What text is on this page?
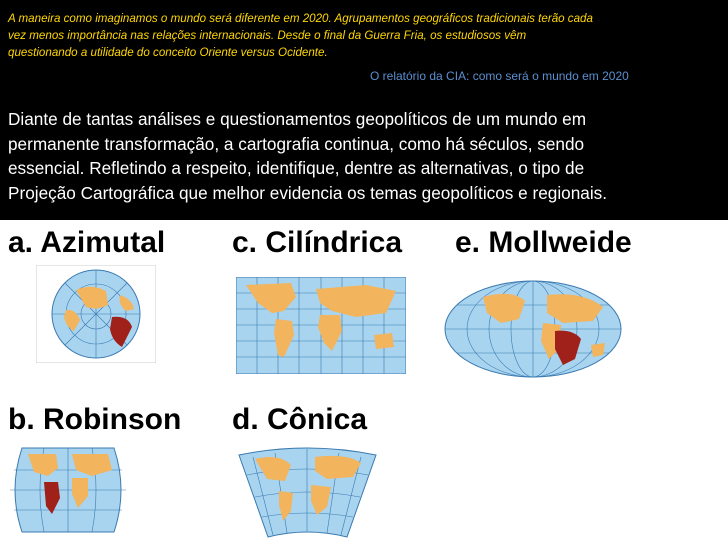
A maneira como imaginamos o mundo será diferente em 2020. Agrupamentos geográficos tradicionais terão cada
vez menos importância nas relações internacionais. Desde o final da Guerra Fria, os estudiosos vêm
questionando a utilidade do conceito Oriente versus Ocidente.
O relatório da CIA: como será o mundo em 2020
Diante de tantas análises e questionamentos geopolíticos de um mundo em
permanente transformação, a cartografia continua, como há séculos, sendo
essencial. Refletindo a respeito, identifique, dentre as alternativas, o tipo de
Projeção Cartográfica que melhor evidencia os temas geopolíticos e regionais.
a. Azimutal c. Cilíndrica e. Mollweide
b. Robinson d. Cônica
